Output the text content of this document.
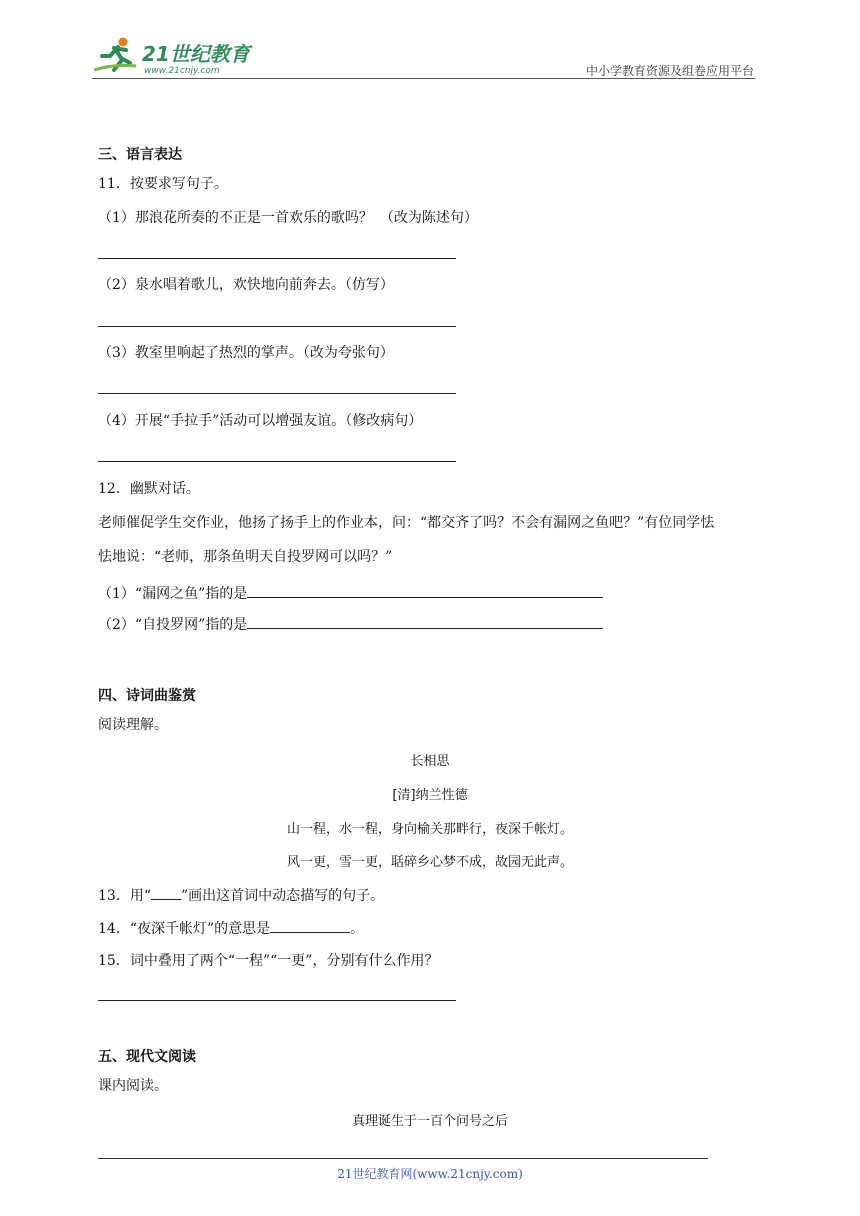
21世纪教育
www.21cnjy.com	中小学教育资源及组卷应用平台
三、语言表达
11．按要求写句子。
（1）那浪花所奏的不正是一首欢乐的歌吗？　（改为陈述句）
（2）泉水唱着歌儿，欢快地向前奔去。（仿写）
（3）教室里响起了热烈的掌声。（改为夸张句）
（4）开展“手拉手”活动可以增强友谊。（修改病句）
12．幽默对话。
老师催促学生交作业，他扬了扬手上的作业本，问：“都交齐了吗？不会有漏网之鱼吧？”有位同学怯
怯地说：“老师，那条鱼明天自投罗网可以吗？”
（1）“漏网之鱼”指的是
（2）“自投罗网”指的是
四、诗词曲鉴赏
阅读理解。
长相思
[清]纳兰性德
山一程，水一程，身向榆关那畔行，夜深千帐灯。
风一更，雪一更，聒碎乡心梦不成，故园无此声。
13．用“ ”画出这首词中动态描写的句子。
14．“夜深千帐灯”的意思是	。
15．词中叠用了两个“一程”“一更”，分别有什么作用？
五、现代文阅读
课内阅读。
真理诞生于一百个问号之后
21世纪教育网(www.21cnjy.com)
